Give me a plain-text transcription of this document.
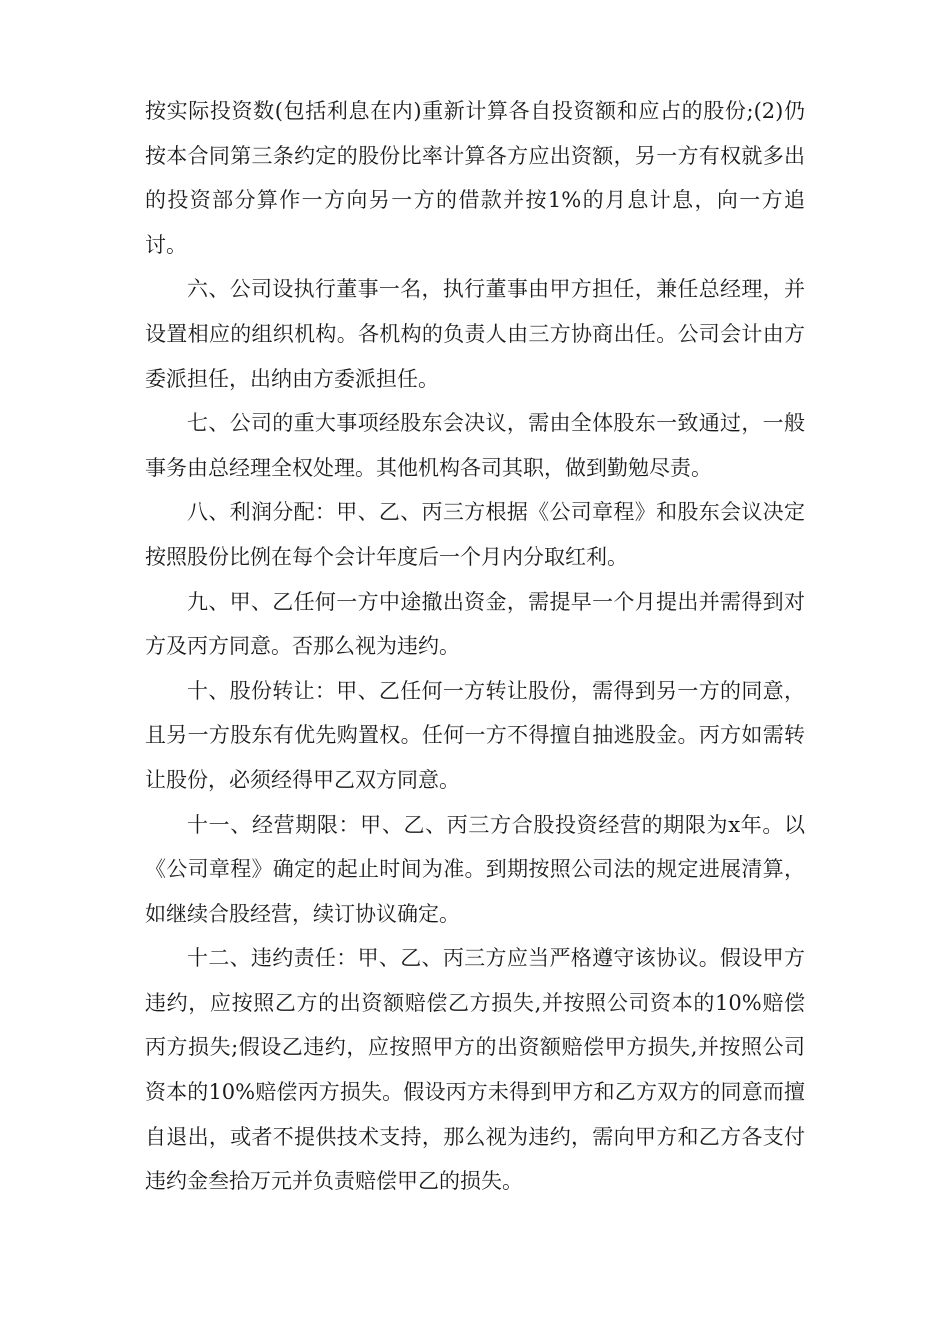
按实际投资数(包括利息在内)重新计算各自投资额和应占的股份;(2)仍按本合同第三条约定的股份比率计算各方应出资额，另一方有权就多出的投资部分算作一方向另一方的借款并按1%的月息计息，向一方追讨。

六、公司设执行董事一名，执行董事由甲方担任，兼任总经理，并设置相应的组织机构。各机构的负责人由三方协商出任。公司会计由方委派担任，出纳由方委派担任。

七、公司的重大事项经股东会决议，需由全体股东一致通过，一般事务由总经理全权处理。其他机构各司其职，做到勤勉尽责。

八、利润分配：甲、乙、丙三方根据《公司章程》和股东会议决定按照股份比例在每个会计年度后一个月内分取红利。

九、甲、乙任何一方中途撤出资金，需提早一个月提出并需得到对方及丙方同意。否那么视为违约。

十、股份转让：甲、乙任何一方转让股份，需得到另一方的同意，且另一方股东有优先购置权。任何一方不得擅自抽逃股金。丙方如需转让股份，必须经得甲乙双方同意。

十一、经营期限：甲、乙、丙三方合股投资经营的期限为x年。以《公司章程》确定的起止时间为准。到期按照公司法的规定进展清算，如继续合股经营，续订协议确定。

十二、违约责任：甲、乙、丙三方应当严格遵守该协议。假设甲方违约，应按照乙方的出资额赔偿乙方损失,并按照公司资本的10%赔偿丙方损失;假设乙违约，应按照甲方的出资额赔偿甲方损失,并按照公司资本的10%赔偿丙方损失。假设丙方未得到甲方和乙方双方的同意而擅自退出，或者不提供技术支持，那么视为违约，需向甲方和乙方各支付违约金叁拾万元并负责赔偿甲乙的损失。
